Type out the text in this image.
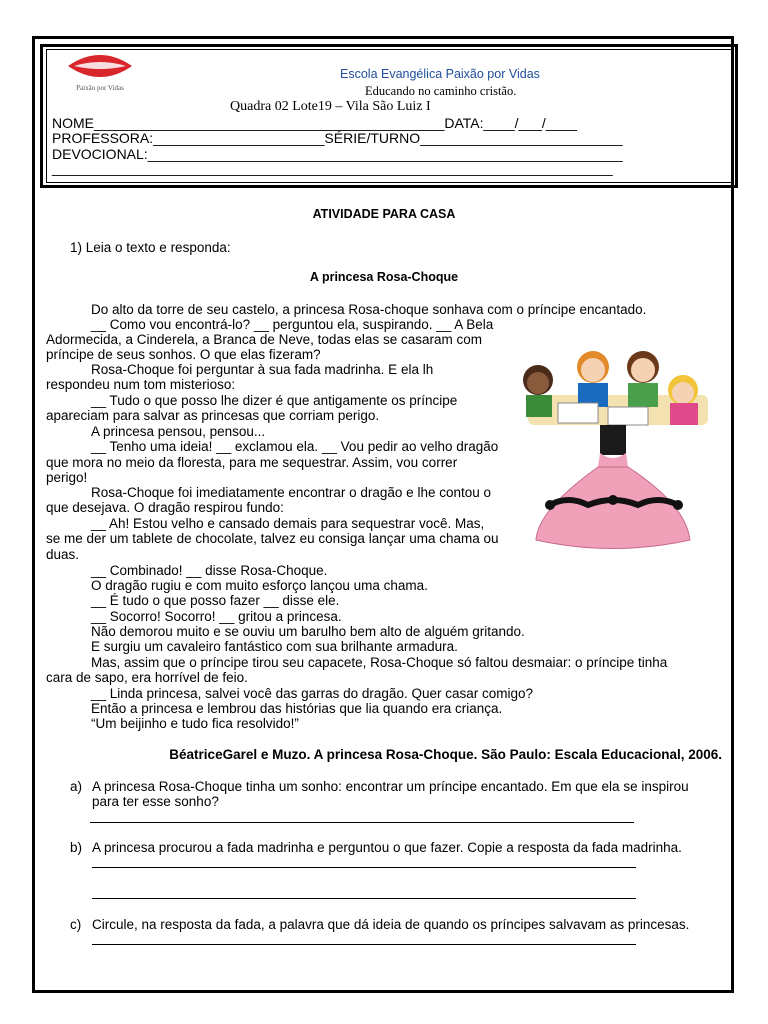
Paixão por Vidas
Escola Evangélica Paixão por Vidas
Educando no caminho cristão.
Quadra 02 Lote19 – Vila São Luiz I
NOME_____________________________________________DATA:____/___/____
PROFESSORA:______________________SÉRIE/TURNO__________________________
DEVOCIONAL:_____________________________________________________________
________________________________________________________________________
ATIVIDADE PARA CASA
1) Leia o texto e responda:
A princesa Rosa-Choque
Do alto da torre de seu castelo, a princesa Rosa-choque sonhava com o príncipe encantado.
__ Como vou encontrá-lo? __ perguntou ela, suspirando. __ A Bela
Adormecida, a Cinderela, a Branca de Neve, todas elas se casaram com
príncipe de seus sonhos. O que elas fizeram?
Rosa-Choque foi perguntar à sua fada madrinha. E ela lh
respondeu num tom misterioso:
__ Tudo o que posso lhe dizer é que antigamente os príncipe
apareciam para salvar as princesas que corriam perigo.
A princesa pensou, pensou...
__ Tenho uma ideia! __ exclamou ela. __ Vou pedir ao velho dragão
que mora no meio da floresta, para me sequestrar. Assim, vou correr
perigo!
Rosa-Choque foi imediatamente encontrar o dragão e lhe contou o
que desejava. O dragão respirou fundo:
__ Ah! Estou velho e cansado demais para sequestrar você. Mas,
se me der um tablete de chocolate, talvez eu consiga lançar uma chama ou
duas.
__ Combinado! __ disse Rosa-Choque.
O dragão rugiu e com muito esforço lançou uma chama.
__ É tudo o que posso fazer __ disse ele.
__ Socorro! Socorro! __ gritou a princesa.
Não demorou muito e se ouviu um barulho bem alto de alguém gritando.
E surgiu um cavaleiro fantástico com sua brilhante armadura.
Mas, assim que o príncipe tirou seu capacete, Rosa-Choque só faltou desmaiar: o príncipe tinha
cara de sapo, era horrível de feio.
__ Linda princesa, salvei você das garras do dragão. Quer casar comigo?
Então a princesa e lembrou das histórias que lia quando era criança.
“Um beijinho e tudo fica resolvido!”
BéatriceGarel e Muzo. A princesa Rosa-Choque. São Paulo: Escala Educacional, 2006.
a) A princesa Rosa-Choque tinha um sonho: encontrar um príncipe encantado. Em que ela se inspirou
para ter esse sonho?
b) A princesa procurou a fada madrinha e perguntou o que fazer. Copie a resposta da fada madrinha.
c) Circule, na resposta da fada, a palavra que dá ideia de quando os príncipes salvavam as princesas.
